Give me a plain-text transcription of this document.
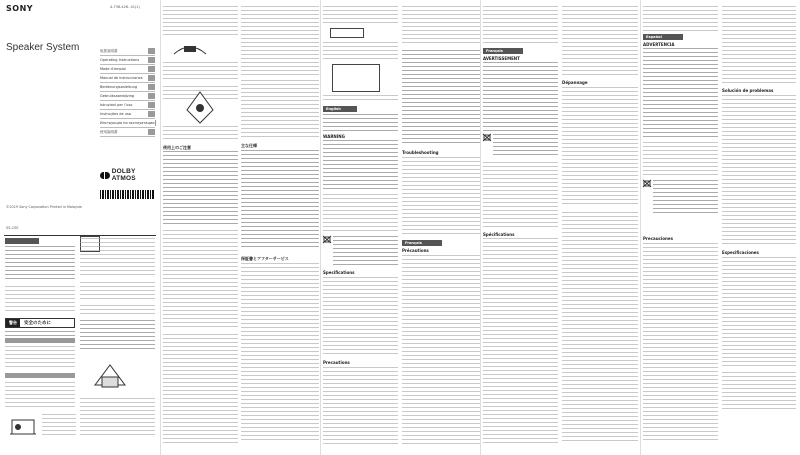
SONY	4-736-426- 41(1)
Speaker System	取扱説明書
Operating Instructions
Mode d’emploi
Manual de instrucciones
Bedienungsanleitung
Gebruiksaanwijzing
Istruzioni per l’uso
Instruções de uso
Инструкция по эксплуатации
使用說明書
DOLBY ATMOS
©2019 Sony Corporation Printed in Malaysia
SS-CSE
警告	安全のために
使用上のご注意	主な仕様
保証書とアフターサービス
English
WARNING
Specifications
Precautions
Troubleshooting
Français
Précautions
Français
AVERTISSEMENT
Spécifications
Dépannage
Español
ADVERTENCIA
Precauciones
Solución de problemas
Especificaciones
